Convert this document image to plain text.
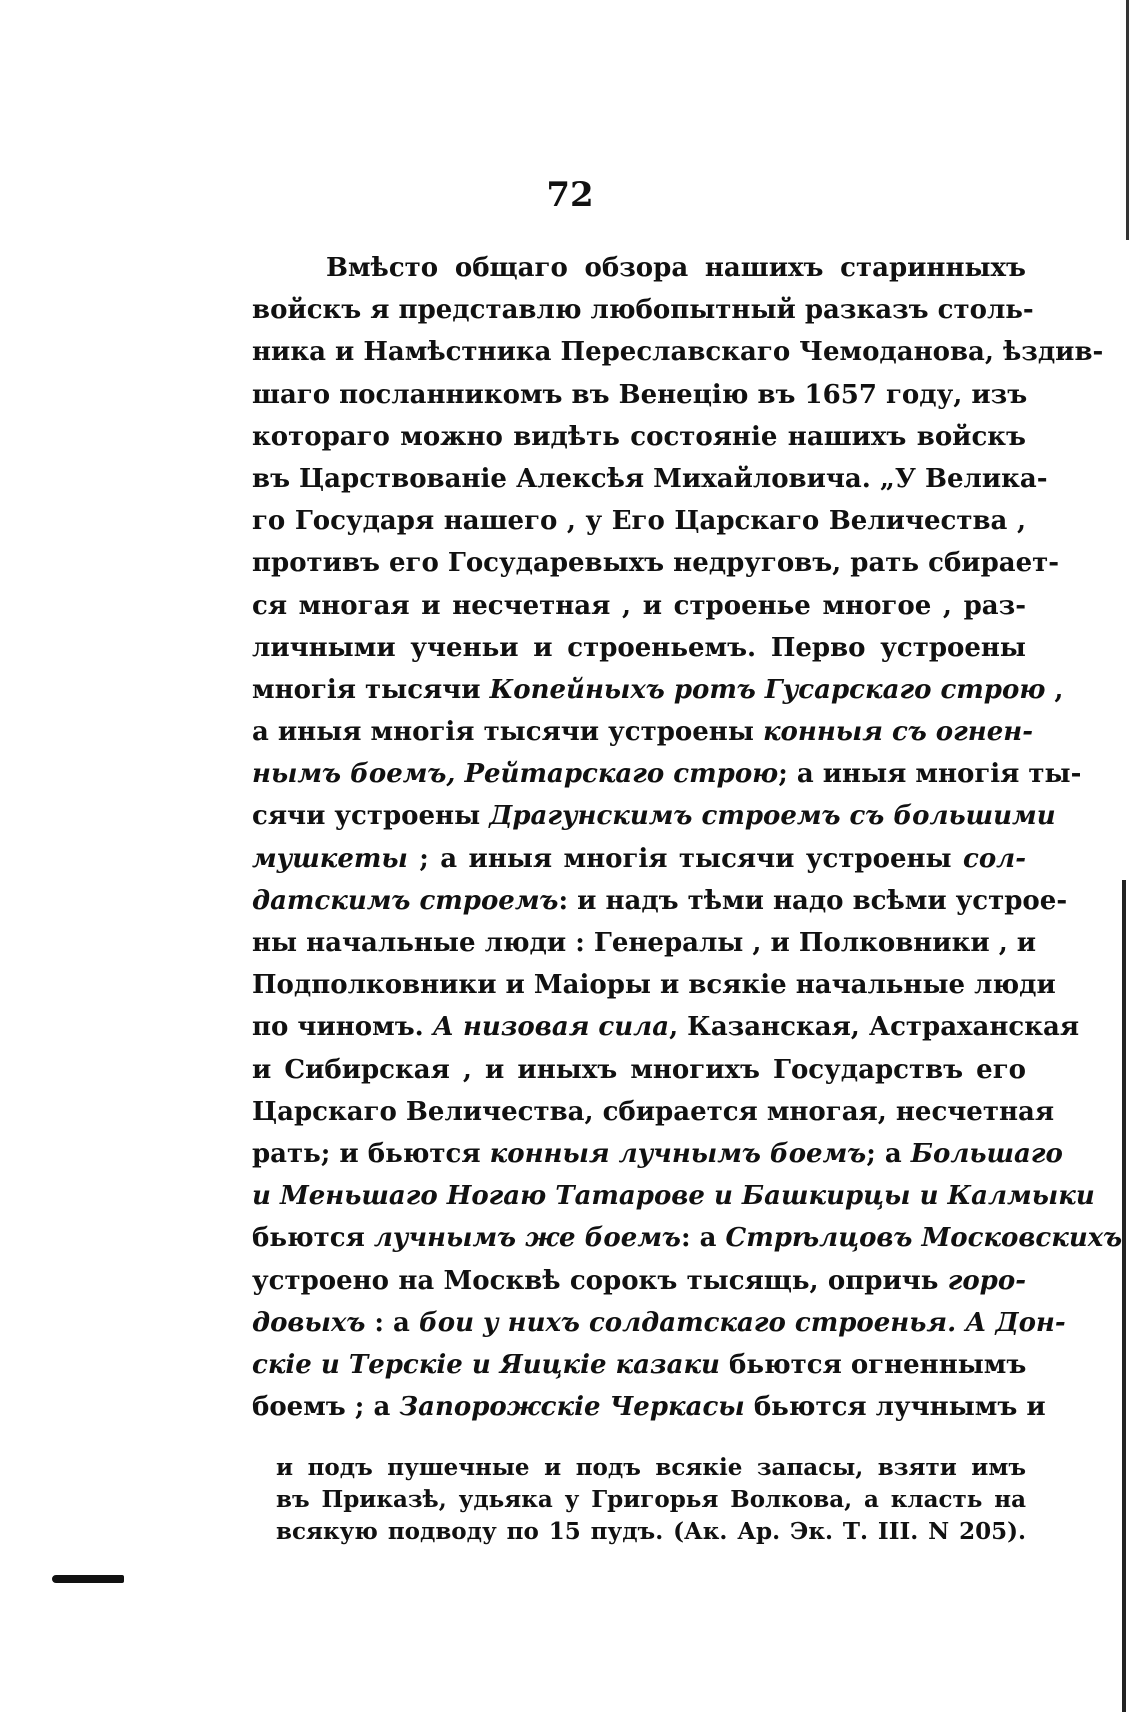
72
Вмѣсто общаго обзора нашихъ старинныхъ
войскъ я представлю любопытный разказъ столь-
ника и Намѣстника Переславскаго Чемоданова, ѣздив-
шаго посланникомъ въ Венецію въ 1657 году, изъ
котораго можно видѣть состояніе нашихъ войскъ
въ Царствованіе Алексѣя Михайловича. „У Велика-
го Государя нашего , у Его Царскаго Величества ,
противъ его Государевыхъ недруговъ, рать сбирает-
ся многая и несчетная , и строенье многое , раз-
личными ученьи и строеньемъ. Перво устроены
многія тысячи Копейныхъ ротъ Гусарскаго строю ,
а иныя многія тысячи устроены конныя съ огнен-
нымъ боемъ, Рейтарскаго строю; а иныя многія ты-
сячи устроены Драгунскимъ строемъ съ большими
мушкеты ; а иныя многія тысячи устроены сол-
датскимъ строемъ: и надъ тѣми надо всѣми устрое-
ны начальные люди : Генералы , и Полковники , и
Подполковники и Маіоры и всякіе начальные люди
по чиномъ. А низовая сила, Казанская, Астраханская
и Сибирская , и иныхъ многихъ Государствъ его
Царскаго Величества, сбирается многая, несчетная
рать; и бьются конныя лучнымъ боемъ; а Большаго
и Меньшаго Ногаю Татарове и Башкирцы и Калмыки
бьются лучнымъ же боемъ: а Стрѣлцовъ Московскихъ
устроено на Москвѣ сорокъ тысящь, опричь горо-
довыхъ : а бои у нихъ солдатскаго строенья. А Дон-
скіе и Терскіе и Яицкіе казаки бьются огненнымъ
боемъ ; а Запорожскіе Черкасы бьются лучнымъ и
и подъ пушечные и подъ всякіе запасы, взяти имъ
въ Приказѣ, удьяка у Григорья Волкова, а класть на
всякую подводу по 15 пудъ. (Ак. Ар. Эк. Т. III. N 205).
